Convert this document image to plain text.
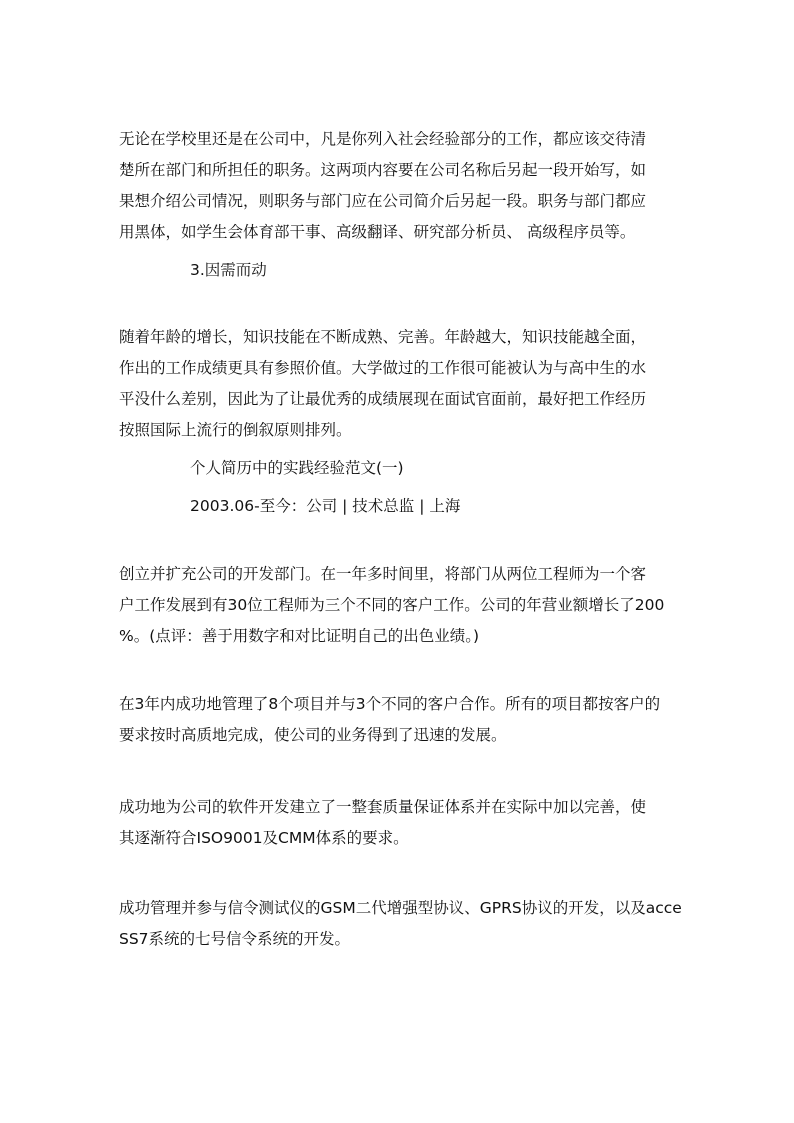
无论在学校里还是在公司中，凡是你列入社会经验部分的工作，都应该交待清
楚所在部门和所担任的职务。这两项内容要在公司名称后另起一段开始写，如
果想介绍公司情况，则职务与部门应在公司简介后另起一段。职务与部门都应
用黑体，如学生会体育部干事、高级翻译、研究部分析员、 高级程序员等。

3.因需而动

随着年龄的增长，知识技能在不断成熟、完善。年龄越大，知识技能越全面，
作出的工作成绩更具有参照价值。大学做过的工作很可能被认为与高中生的水
平没什么差别，因此为了让最优秀的成绩展现在面试官面前，最好把工作经历
按照国际上流行的倒叙原则排列。

个人简历中的实践经验范文(一)

2003.06-至今：公司 | 技术总监 | 上海

创立并扩充公司的开发部门。在一年多时间里，将部门从两位工程师为一个客
户工作发展到有30位工程师为三个不同的客户工作。公司的年营业额增长了200
%。(点评：善于用数字和对比证明自己的出色业绩。)

在3年内成功地管理了8个项目并与3个不同的客户合作。所有的项目都按客户的
要求按时高质地完成，使公司的业务得到了迅速的发展。

成功地为公司的软件开发建立了一整套质量保证体系并在实际中加以完善，使
其逐渐符合ISO9001及CMM体系的要求。

成功管理并参与信令测试仪的GSM二代增强型协议、GPRS协议的开发，以及acce
SS7系统的七号信令系统的开发。
